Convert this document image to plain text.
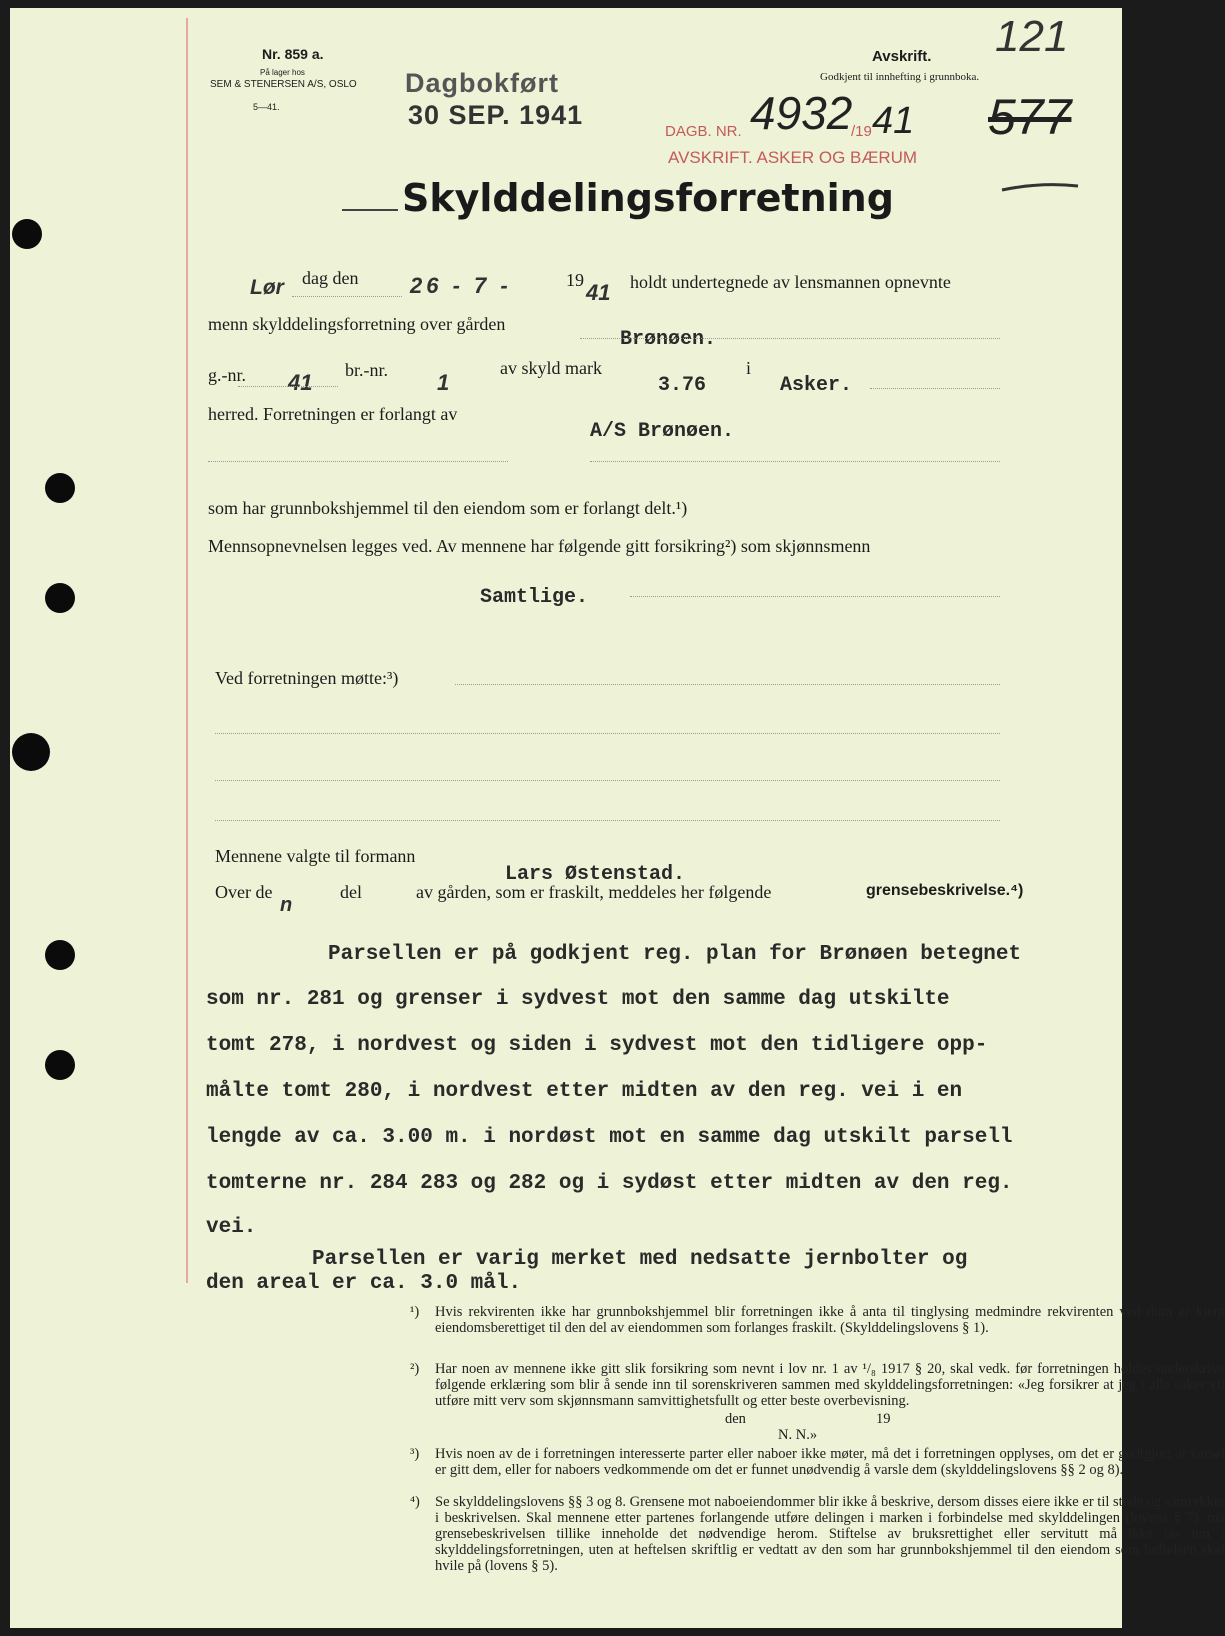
Nr. 859 a.
På lager hos
SEM & STENERSEN A/S, OSLO
5—41.
Dagbokført
30 SEP. 1941
Avskrift.
Godkjent til innhefting i grunnboka.
121
DAGB. NR. 4932
/19 41
AVSKRIFT. ASKER OG BÆRUM
577
Skylddelingsforretning
Lør dag den 26 - 7 -	19 41 holdt undertegnede av lensmannen opnevnte
menn skylddelingsforretning over gården
Brønøen.
g.-nr. 41 br.-nr. 1
av skyld mark
3.76
i
Asker.
herred. Forretningen er forlangt av
A/S Brønøen.
som har grunnbokshjemmel til den eiendom som er forlangt delt.¹)
Mennsopnevnelsen legges ved. Av mennene har følgende gitt forsikring²) som skjønnsmenn
Samtlige.
Ved forretningen møtte:³)
Mennene valgte til formann
Lars Østenstad.
Over de
n
del	av gården, som er fraskilt, meddeles her følgende	grensebeskrivelse.⁴)
Parsellen er på godkjent reg. plan for Brønøen betegnet
som nr. 281 og grenser i sydvest mot den samme dag utskilte
tomt 278, i nordvest og siden i sydvest mot den tidligere opp-
målte tomt 280, i nordvest etter midten av den reg. vei i en
lengde av ca. 3.00 m. i nordøst mot en samme dag utskilt parsell
tomterne nr. 284 283 og 282 og i sydøst etter midten av den reg.
vei.
Parsellen er varig merket med nedsatte jernbolter og
den areal er ca. 3.0 mål.
¹) Hvis rekvirenten ikke har grunnbokshjemmel blir forretningen ikke å anta til tinglysing medmindre rekvirenten ved dom er kjent eiendomsberettiget til den del av eiendommen som forlanges fraskilt. (Skylddelingslovens § 1).
²) Har noen av mennene ikke gitt slik forsikring som nevnt i lov nr. 1 av ¹/₈ 1917 § 20, skal vedk. før forretningen holdes underskrive følgende erklæring som blir å sende inn til sorenskriveren sammen med skylddelingsforretningen: «Jeg forsikrer at jeg i alle saker vil utføre mitt verv som skjønnsmann samvittighetsfullt og etter beste overbevisning.
den	19
N. N.»
³) Hvis noen av de i forretningen interesserte parter eller naboer ikke møter, må det i forretningen opplyses, om det er godtgjort at varsel er gitt dem, eller for naboers vedkommende om det er funnet unødvendig å varsle dem (skylddelingslovens §§ 2 og 8).
⁴) Se skylddelingslovens §§ 3 og 8. Grensene mot naboeiendommer blir ikke å beskrive, dersom disses eiere ikke er til stede og samtykker i beskrivelsen. Skal mennene etter partenes forlangende utføre delingen i marken i forbindelse med skylddelingen (lovens § 7), må grensebeskrivelsen tillike inneholde det nødvendige herom. Stiftelse av bruksrettighet eller servitutt må ikke tas inn i skylddelingsforretningen, uten at heftelsen skriftlig er vedtatt av den som har grunnbokshjemmel til den eiendom som heftelsen skal hvile på (lovens § 5).
